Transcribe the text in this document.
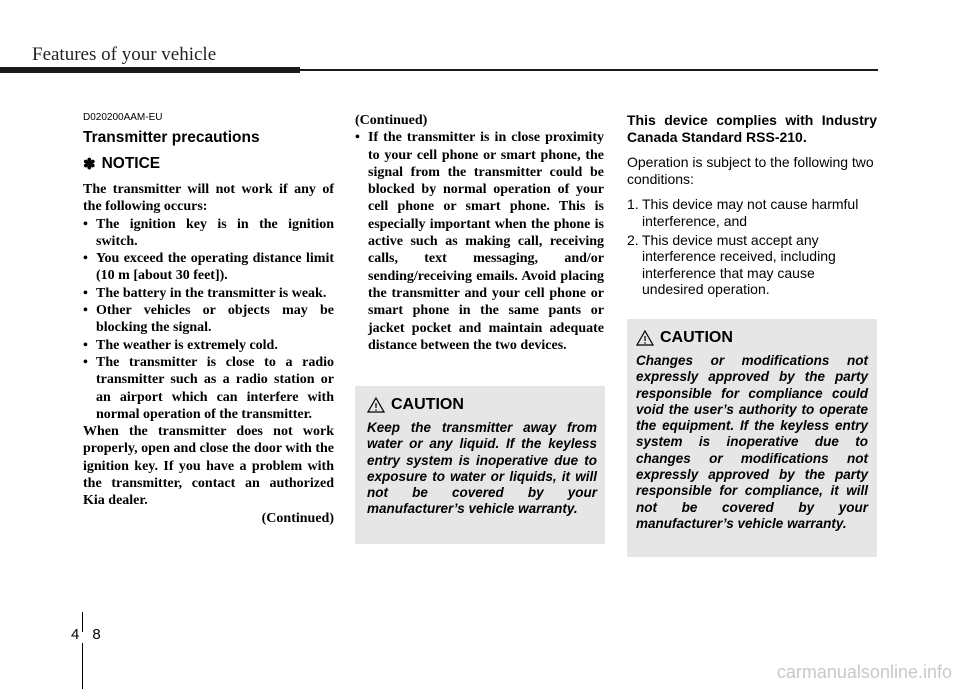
Features of your vehicle
D020200AAM-EU
Transmitter precautions
✽ NOTICE

The transmitter will not work if any of the following occurs:

• The ignition key is in the ignition switch.
• You exceed the operating distance limit (10 m [about 30 feet]).
• The battery in the transmitter is weak.
• Other vehicles or objects may be blocking the signal.
• The weather is extremely cold.
• The transmitter is close to a radio transmitter such as a radio station or an airport which can interfere with normal operation of the transmitter.

When the transmitter does not work properly, open and close the door with the ignition key. If you have a problem with the transmitter, contact an authorized Kia dealer.

(Continued)

(Continued)

• If the transmitter is in close proximity to your cell phone or smart phone, the signal from the transmitter could be blocked by normal operation of your cell phone or smart phone. This is especially important when the phone is active such as making call, receiving calls, text messaging, and/or sending/receiving emails. Avoid placing the transmitter and your cell phone or smart phone in the same pants or jacket pocket and maintain adequate distance between the two devices.
CAUTION

Keep the transmitter away from water or any liquid. If the keyless entry system is inoperative due to exposure to water or liquids, it will not be covered by your manufacturer’s vehicle warranty.

This device complies with Industry Canada Standard RSS-210.

Operation is subject to the following two conditions:

1. This device may not cause harmful interference, and
2. This device must accept any interference received, including interference that may cause undesired operation.
CAUTION

Changes or modifications not expressly approved by the party responsible for compliance could void the user’s authority to operate the equipment. If the keyless entry system is inoperative due to changes or modifications not expressly approved by the party responsible for compliance, it will not be covered by your manufacturer’s vehicle warranty.

48
carmanualsonline.info
